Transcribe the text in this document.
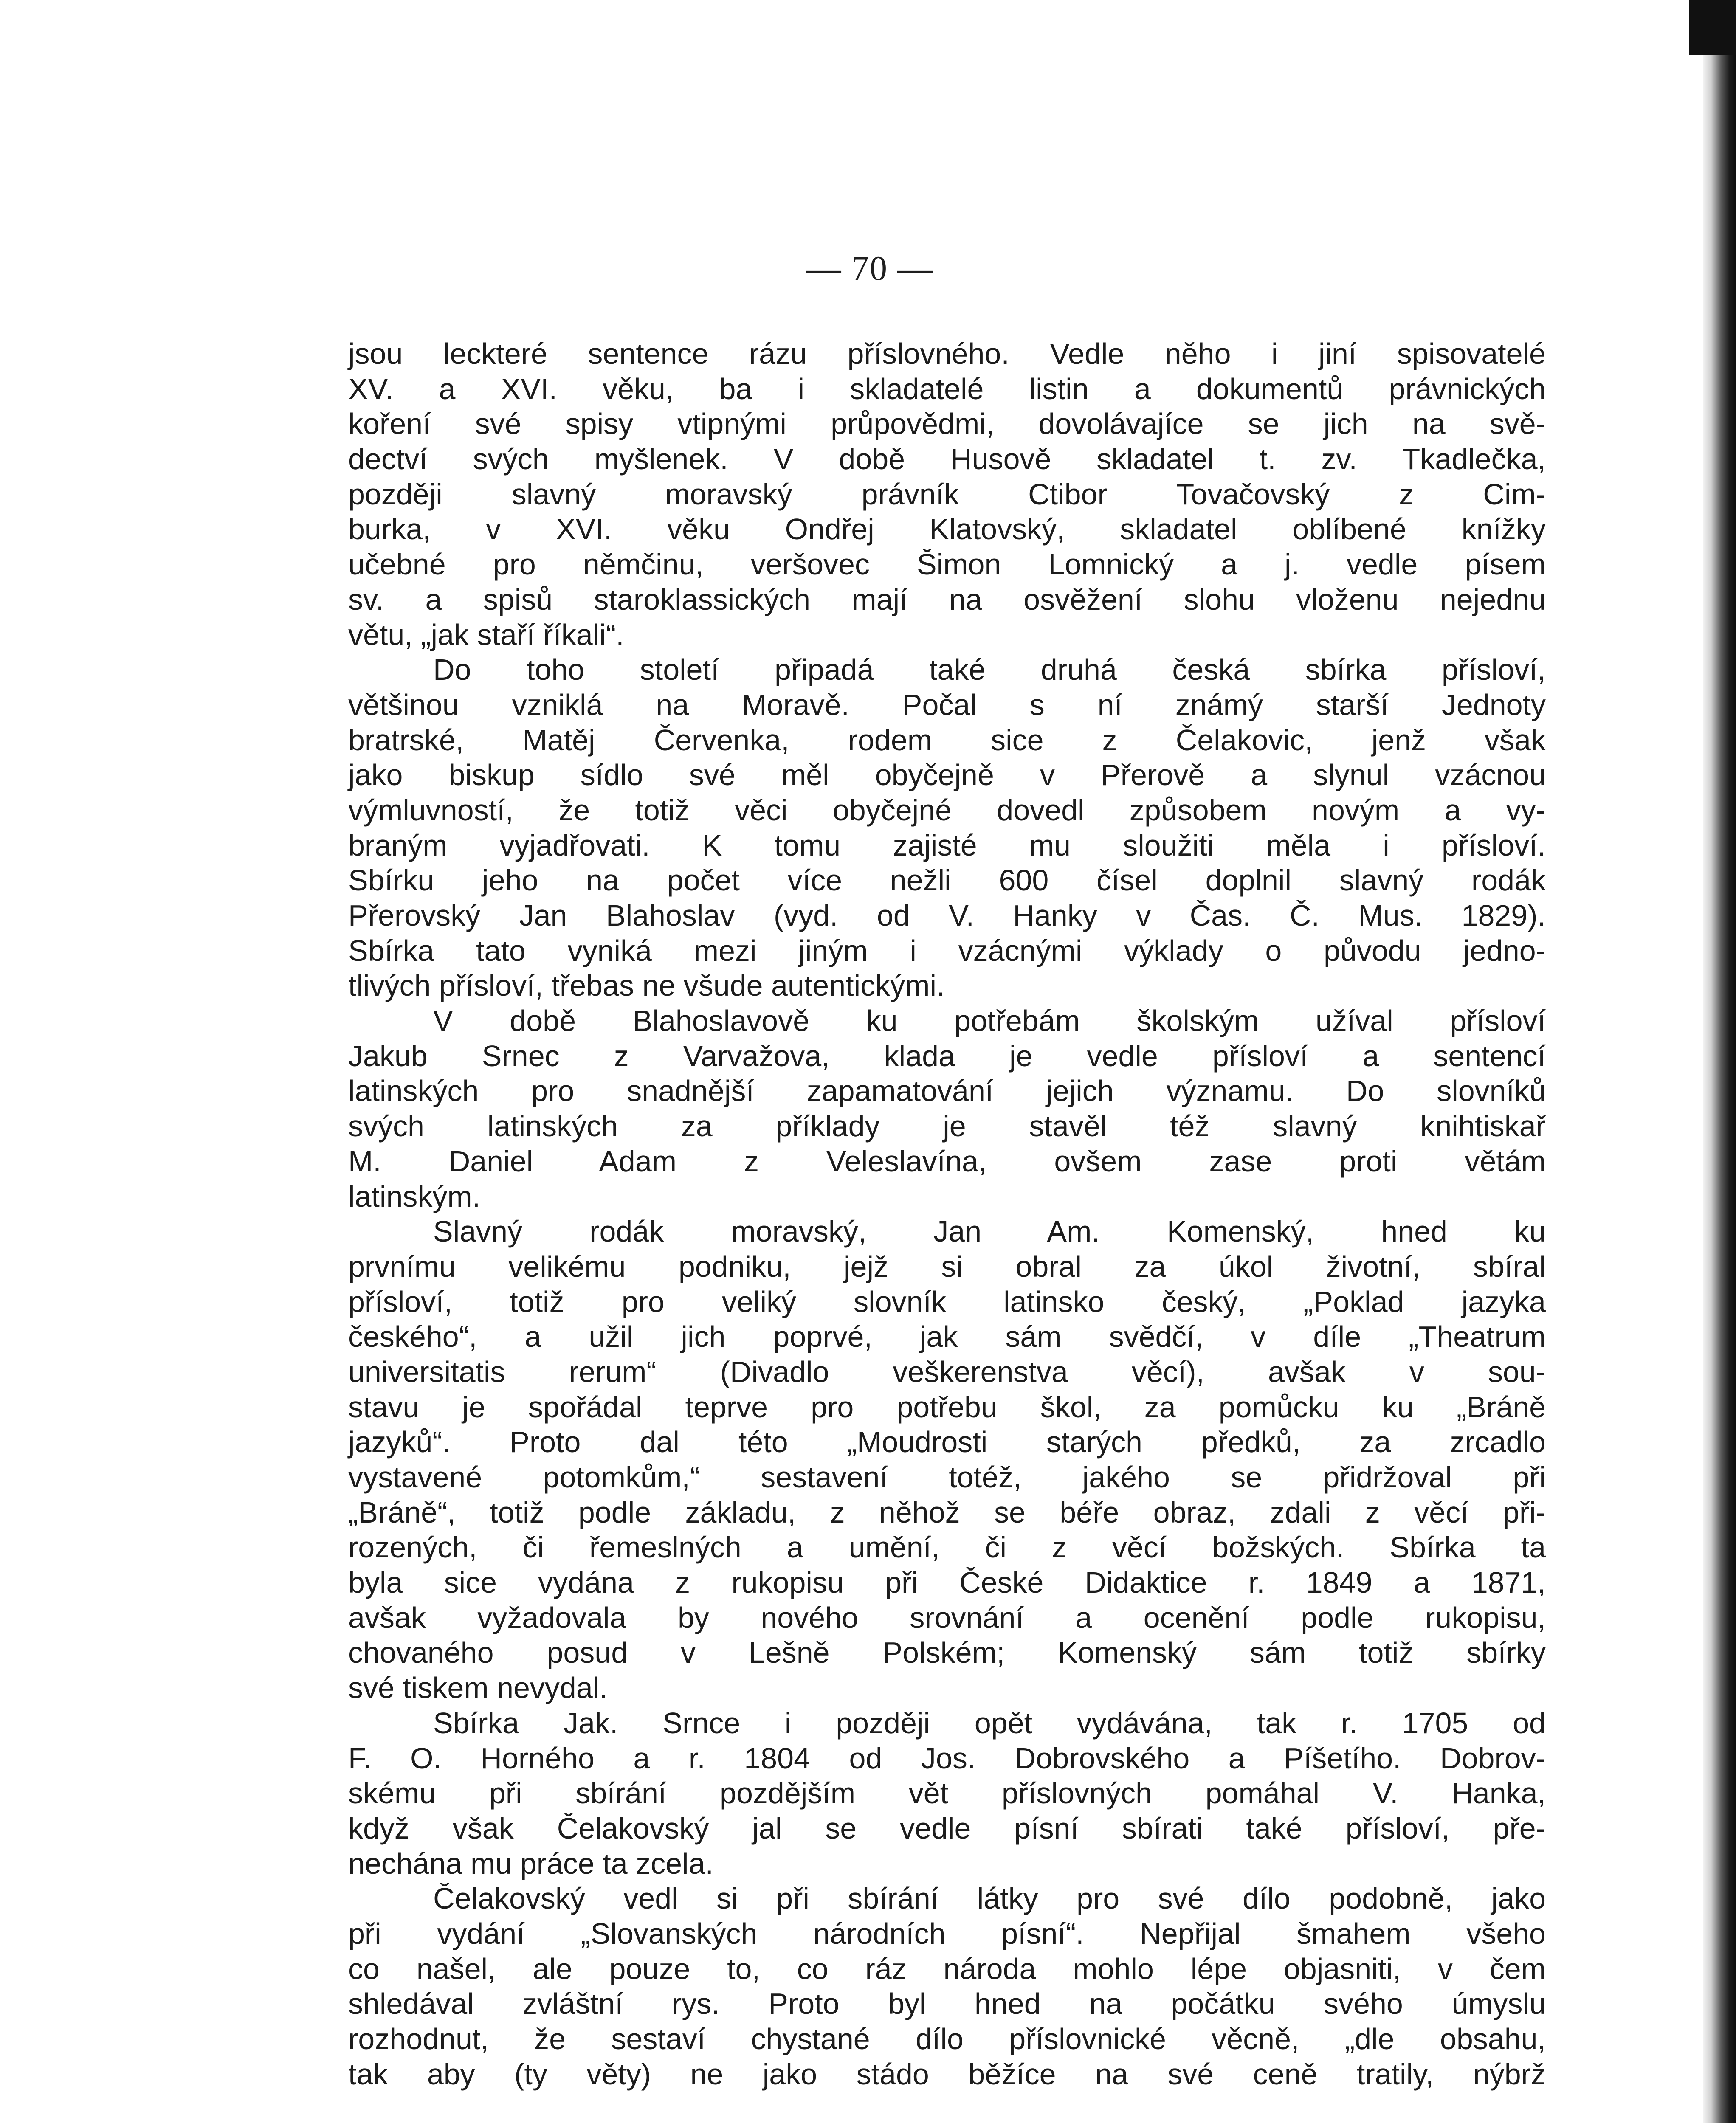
— 70 —
jsou leckteré sentence rázu příslovného. Vedle něho i jiní spisovatelé
XV. a XVI. věku, ba i skladatelé listin a dokumentů právnických
koření své spisy vtipnými průpovědmi, dovolávajíce se jich na svě-
dectví svých myšlenek. V době Husově skladatel t. zv. Tkadlečka,
později slavný moravský právník Ctibor Tovačovský z Cim-
burka, v XVI. věku Ondřej Klatovský, skladatel oblíbené knížky
učebné pro němčinu, veršovec Šimon Lomnický a j. vedle písem
sv. a spisů staroklassických mají na osvěžení slohu vloženu nejednu
větu, „jak staří říkali“.
Do toho století připadá také druhá česká sbírka přísloví,
většinou vzniklá na Moravě. Počal s ní známý starší Jednoty
bratrské, Matěj Červenka, rodem sice z Čelakovic, jenž však
jako biskup sídlo své měl obyčejně v Přerově a slynul vzácnou
výmluvností, že totiž věci obyčejné dovedl způsobem novým a vy-
braným vyjadřovati. K tomu zajisté mu sloužiti měla i přísloví.
Sbírku jeho na počet více nežli 600 čísel doplnil slavný rodák
Přerovský Jan Blahoslav (vyd. od V. Hanky v Čas. Č. Mus. 1829).
Sbírka tato vyniká mezi jiným i vzácnými výklady o původu jedno-
tlivých přísloví, třebas ne všude autentickými.
V době Blahoslavově ku potřebám školským užíval přísloví
Jakub Srnec z Varvažova, klada je vedle přísloví a sentencí
latinských pro snadnější zapamatování jejich významu. Do slovníků
svých latinských za příklady je stavěl též slavný knihtiskař
M. Daniel Adam z Veleslavína, ovšem zase proti větám
latinským.
Slavný rodák moravský, Jan Am. Komenský, hned ku
prvnímu velikému podniku, jejž si obral za úkol životní, sbíral
přísloví, totiž pro veliký slovník latinsko český, „Poklad jazyka
českého“, a užil jich poprvé, jak sám svědčí, v díle „Theatrum
universitatis rerum“ (Divadlo veškerenstva věcí), avšak v sou-
stavu je spořádal teprve pro potřebu škol, za pomůcku ku „Bráně
jazyků“. Proto dal této „Moudrosti starých předků, za zrcadlo
vystavené potomkům,“ sestavení totéž, jakého se přidržoval při
„Bráně“, totiž podle základu, z něhož se béře obraz, zdali z věcí při-
rozených, či řemeslných a umění, či z věcí božských. Sbírka ta
byla sice vydána z rukopisu při České Didaktice r. 1849 a 1871,
avšak vyžadovala by nového srovnání a ocenění podle rukopisu,
chovaného posud v Lešně Polském; Komenský sám totiž sbírky
své tiskem nevydal.
Sbírka Jak. Srnce i později opět vydávána, tak r. 1705 od
F. O. Horného a r. 1804 od Jos. Dobrovského a Píšetího. Dobrov-
skému při sbírání pozdějším vět příslovných pomáhal V. Hanka,
když však Čelakovský jal se vedle písní sbírati také přísloví, pře-
nechána mu práce ta zcela.
Čelakovský vedl si při sbírání látky pro své dílo podobně, jako
při vydání „Slovanských národních písní“. Nepřijal šmahem všeho
co našel, ale pouze to, co ráz národa mohlo lépe objasniti, v čem
shledával zvláštní rys. Proto byl hned na počátku svého úmyslu
rozhodnut, že sestaví chystané dílo příslovnické věcně, „dle obsahu,
tak aby (ty věty) ne jako stádo běžíce na své ceně tratily, nýbrž
